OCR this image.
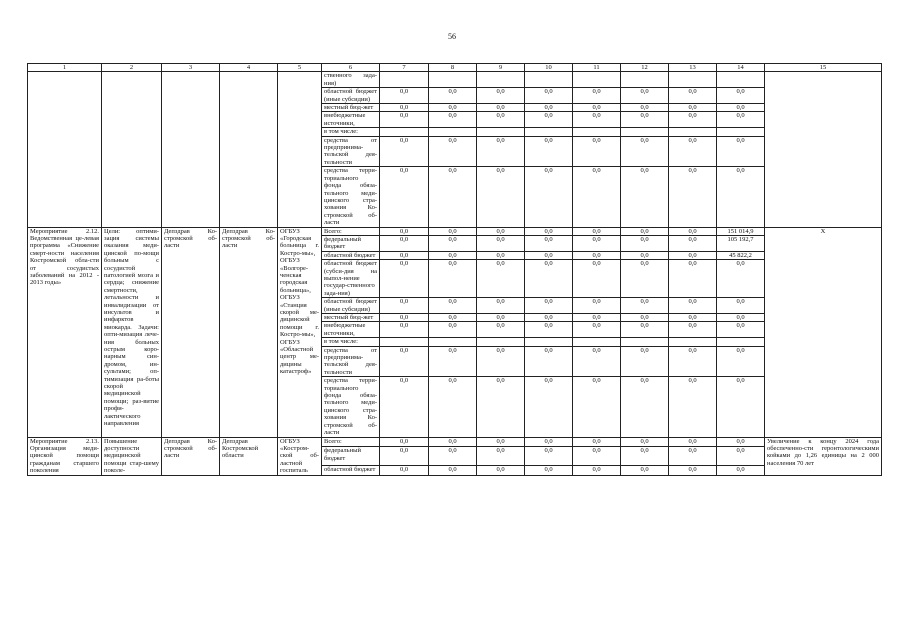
56
1	2	3	4	5	6	7	8	9	10	11	12	13	14	15
					ственного зада- ния)									
					областной бюджет (иные субсидии)	0,0	0,0	0,0	0,0	0,0	0,0	0,0	0,0	
					местный бюд-жет	0,0	0,0	0,0	0,0	0,0	0,0	0,0	0,0	
					внебюджетные источники,	0,0	0,0	0,0	0,0	0,0	0,0	0,0	0,0	
					в том числе:									
					средства от предпринима-тельской дея-тельности	0,0	0,0	0,0	0,0	0,0	0,0	0,0	0,0	
					средства терри-ториального фонда обяза-тельного меди-цинского стра-хования Ко-стромской об-ласти	0,0	0,0	0,0	0,0	0,0	0,0	0,0	0,0	
Мероприятие 2.12. Ведомственная це-левая программа «Снижение смерт-ности населения Костромской обла-сти от сосудистых заболеваний на 2012 - 2013 годы»	Цели: оптими-зация системы оказания меди-цинской по-мощи больным с сосудистой патологией мозга и сердца; снижение смертности, летальности и инвалидизации от инсультов и инфарктов миокарда. Задачи: опти-мизация лече-ния больных острым коро-нарным син-дромом, ин-сультами; оп-тимизация ра-боты скорой медицинской помощи; раз-витие профи-лактического направления	Депздрав Ко-стромской об-ласти	Депздрав Ко-стромской об-ласти	ОГБУЗ «Городская больница г. Костро-мы», ОГБУЗ «Волгоре-ченская городская больница», ОГБУЗ «Станция скорой ме-дицинской помощи г. Костро-мы», ОГБУЗ «Областной центр ме-дицины катастроф»	Всего:	0,0	0,0	0,0	0,0	0,0	0,0	0,0	151 014,9	Х
					федеральный бюджет	0,0	0,0	0,0	0,0	0,0	0,0	0,0	105 192,7	
					областной бюджет	0,0	0,0	0,0	0,0	0,0	0,0	0,0	45 822,2	
					областной бюджет (субси-дия на выпол-нение государ-ственного зада-ния)	0,0	0,0	0,0	0,0	0,0	0,0	0,0	0,0	
					областной бюджет (иные субсидии)	0,0	0,0	0,0	0,0	0,0	0,0	0,0	0,0	
					местный бюд-жет	0,0	0,0	0,0	0,0	0,0	0,0	0,0	0,0	
					внебюджетные источники,	0,0	0,0	0,0	0,0	0,0	0,0	0,0	0,0	
					в том числе:									
					средства от предпринима-тельской дея-тельности	0,0	0,0	0,0	0,0	0,0	0,0	0,0	0,0	
					средства терри-ториального фонда обяза-тельного меди-цинского стра-хования Ко-стромской об-ласти	0,0	0,0	0,0	0,0	0,0	0,0	0,0	0,0	
Мероприятие 2.13. Организация меди-цинской помощи гражданам старшего поколения	Повышение доступности медицинской помощи стар-шему поколе-	Депздрав Ко-стромской об-ласти	Депздрав Костромской области	ОГБУЗ «Костром-ской об-ластной госпиталь	Всего:	0,0	0,0	0,0	0,0	0,0	0,0	0,0	0,0	Увеличение к концу 2024 года обеспеченно-сти геронтологическими койками до 1,26 единицы на 2 000 населения 70 лет
					федеральный бюджет	0,0	0,0	0,0	0,0	0,0	0,0	0,0	0,0	
					областной бюджет	0,0	0,0	0,0	0,0	0,0	0,0	0,0	0,0	
